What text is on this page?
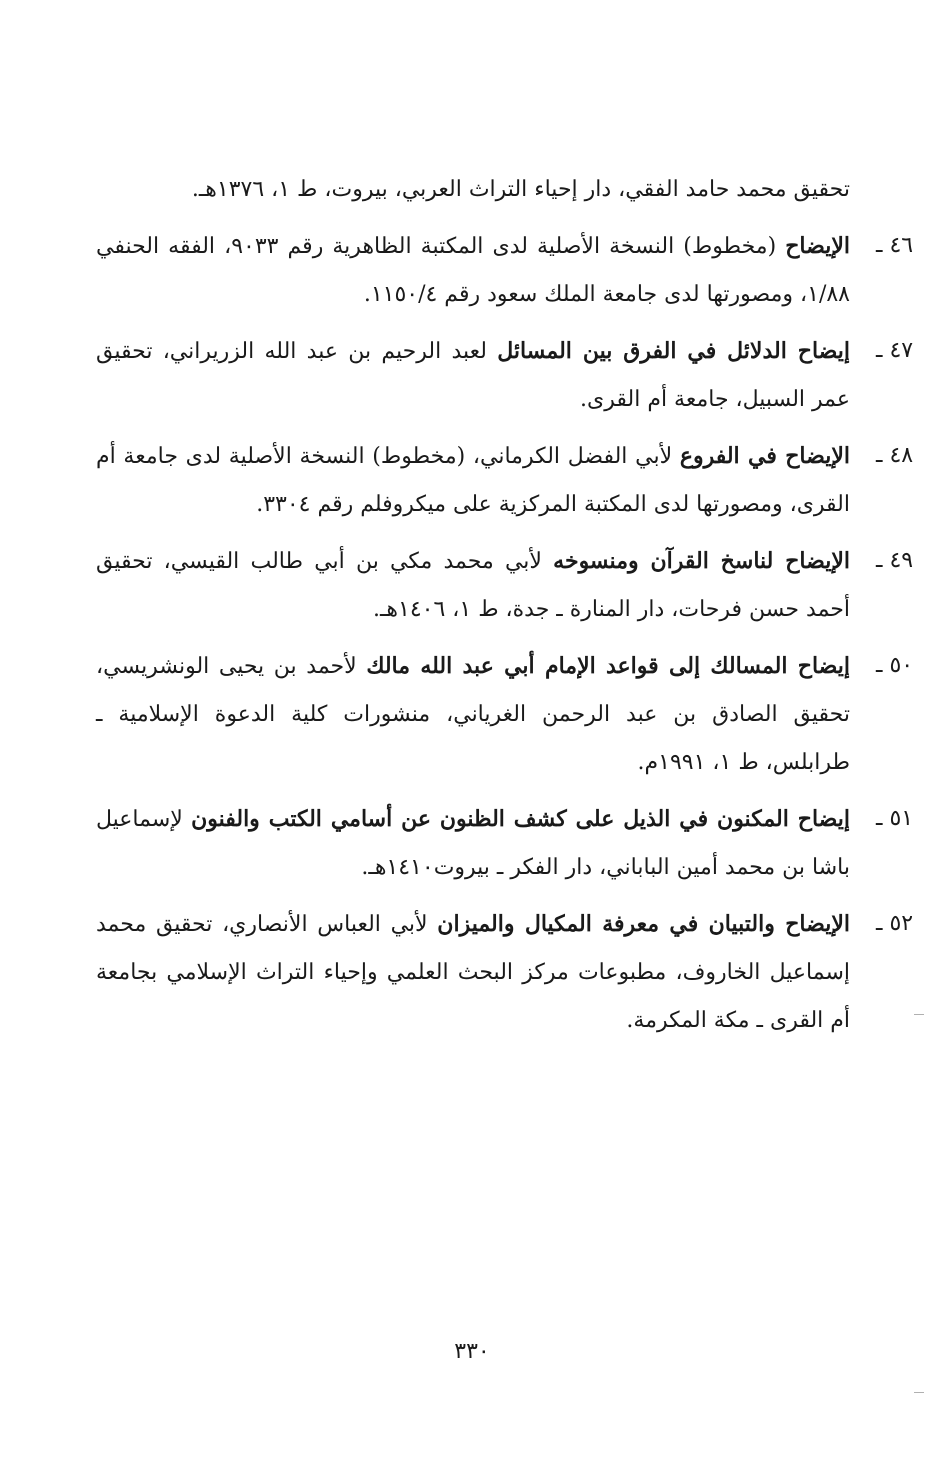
تحقيق محمد حامد الفقي، دار إحياء التراث العربي، بيروت، ط ١، ١٣٧٦هـ.
٤٦ ـ
الإيضاح (مخطوط) النسخة الأصلية لدى المكتبة الظاهرية رقم ٩٠٣٣، الفقه الحنفي ١/٨٨، ومصورتها لدى جامعة الملك سعود رقم ١١٥٠/٤.
٤٧ ـ
إيضاح الدلائل في الفرق بين المسائل لعبد الرحيم بن عبد الله الزريراني، تحقيق عمر السبيل، جامعة أم القرى.
٤٨ ـ
الإيضاح في الفروع لأبي الفضل الكرماني، (مخطوط) النسخة الأصلية لدى جامعة أم القرى، ومصورتها لدى المكتبة المركزية على ميكروفلم رقم ٣٣٠٤.
٤٩ ـ
الإيضاح لناسخ القرآن ومنسوخه لأبي محمد مكي بن أبي طالب القيسي، تحقيق أحمد حسن فرحات، دار المنارة ـ جدة، ط ١، ١٤٠٦هـ.
٥٠ ـ
إيضاح المسالك إلى قواعد الإمام أبي عبد الله مالك لأحمد بن يحيى الونشريسي، تحقيق الصادق بن عبد الرحمن الغرياني، منشورات كلية الدعوة الإسلامية ـ طرابلس، ط ١، ١٩٩١م.
٥١ ـ
إيضاح المكنون في الذيل على كشف الظنون عن أسامي الكتب والفنون لإسماعيل باشا بن محمد أمين الباباني، دار الفكر ـ بيروت١٤١٠هـ.
٥٢ ـ
الإيضاح والتبيان في معرفة المكيال والميزان لأبي العباس الأنصاري، تحقيق محمد إسماعيل الخاروف، مطبوعات مركز البحث العلمي وإحياء التراث الإسلامي بجامعة أم القرى ـ مكة المكرمة.
٣٣٠
